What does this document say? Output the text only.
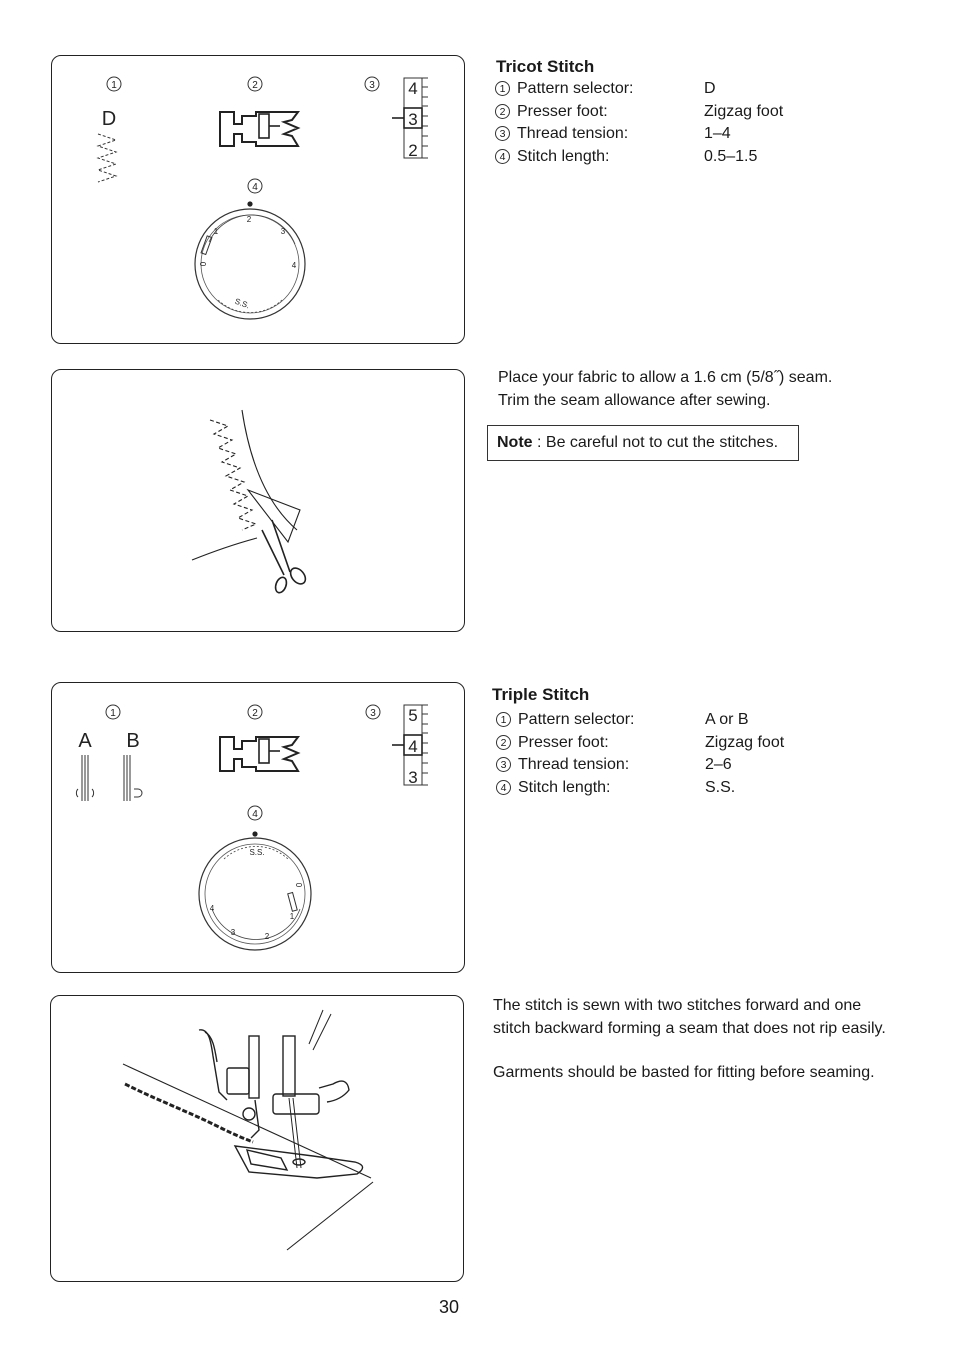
1	2	3
4
D
4
3
2
2
1
0
3
4
S.S.
Tricot Stitch
1 Pattern selector:	D
2 Presser foot:	Zigzag foot
3 Thread tension:	1–4
4 Stitch length:	0.5–1.5
Place your fabric to allow a 1.6 cm (5/8˝) seam.
Trim the seam allowance after sewing.
Note : Be careful not to cut the stitches.
1	2	3
4
A B
5
4
3
S.S.
0
1
2
3
4
Triple Stitch
1 Pattern selector:	A or B
2 Presser foot:	Zigzag foot
3 Thread tension:	2–6
4 Stitch length:	S.S.
The stitch is sewn with two stitches forward and one
stitch backward forming a seam that does not rip easily.
Garments should be basted for fitting before seaming.
30
